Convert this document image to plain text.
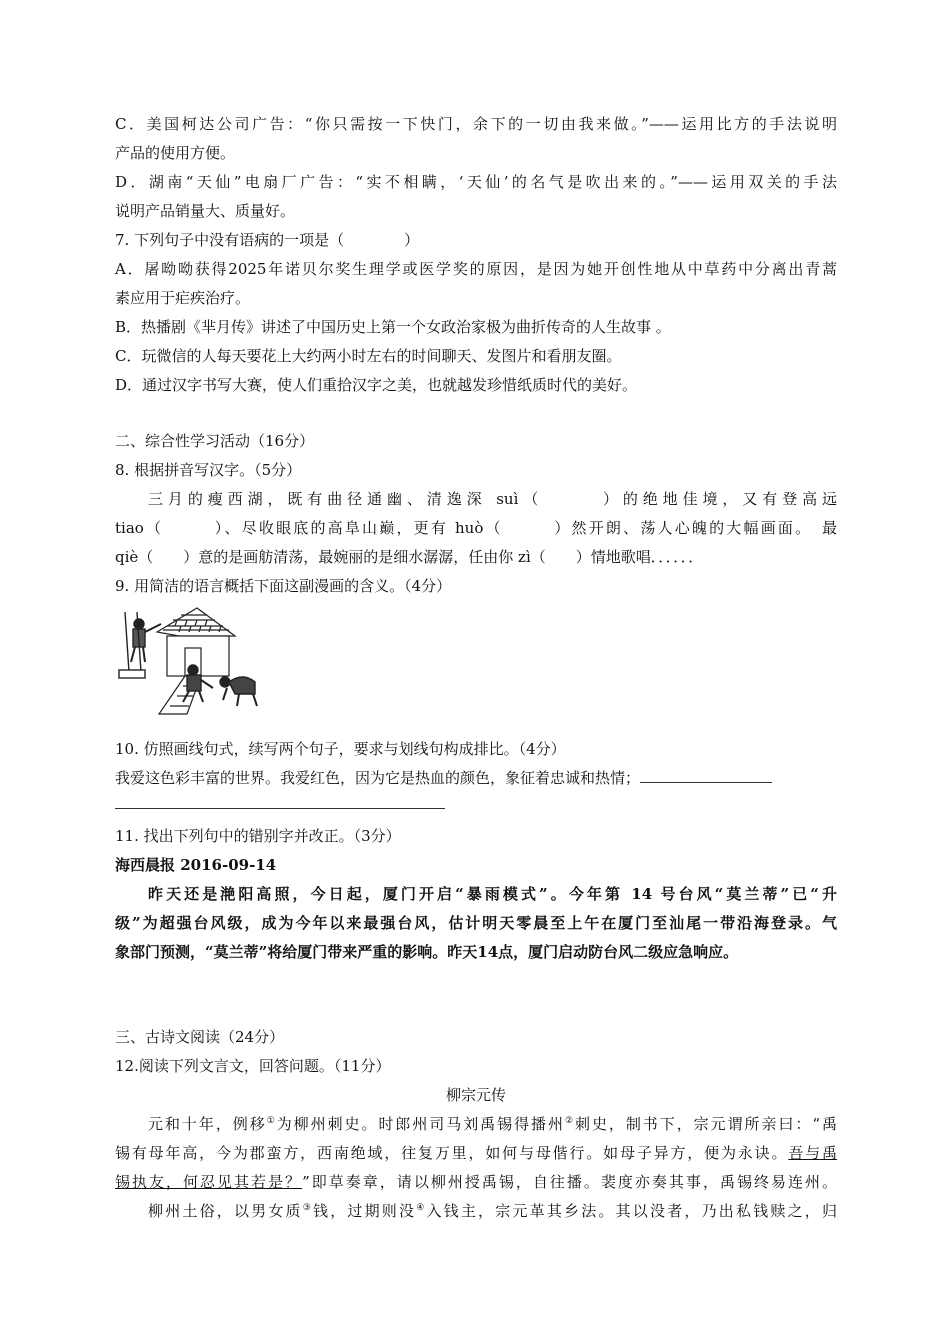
C．美国柯达公司广告：“你只需按一下快门，余下的一切由我来做。”——运用比方的手法说明
产品的使用方便。
D．湖南“天仙”电扇厂广告：“实不相瞒，‘天仙’的名气是吹出来的。”——运用双关的手法
说明产品销量大、质量好。
7. 下列句子中没有语病的一项是（　　　　）
A．屠呦呦获得2025年诺贝尔奖生理学或医学奖的原因，是因为她开创性地从中草药中分离出青蒿
素应用于疟疾治疗。
B．热播剧《芈月传》讲述了中国历史上第一个女政治家极为曲折传奇的人生故事 。
C．玩微信的人每天要花上大约两小时左右的时间聊天、发图片和看朋友圈。
D．通过汉字书写大赛，使人们重拾汉字之美，也就越发珍惜纸质时代的美好。
二、综合性学习活动（16分）
8. 根据拼音写汉字。（5分）
三月的瘦西湖，既有曲径通幽、清逸深 suì（　　　）的绝地佳境，又有登高远
tiao（　　　）、尽收眼底的高阜山巅，更有 huò（　　　）然开朗、荡人心魄的大幅画面。　最
qiè（　　）意的是画舫清荡，最婉丽的是细水潺潺，任由你 zì（　　）情地歌唱．．．．．．
9. 用简洁的语言概括下面这副漫画的含义。（4分）
10. 仿照画线句式，续写两个句子，要求与划线句构成排比。（4分）
我爱这色彩丰富的世界。我爱红色，因为它是热血的颜色，象征着忠诚和热情；
11. 找出下列句中的错别字并改正。（3分）
海西晨报 2016-09-14
昨天还是滟阳高照，今日起，厦门开启“暴雨模式”。今年第 14 号台风“莫兰蒂”已“升
级”为超强台风级，成为今年以来最强台风，估计明天零晨至上午在厦门至汕尾一带沿海登录。气
象部门预测，“莫兰蒂”将给厦门带来严重的影响。昨天14点，厦门启动防台风二级应急响应。
三、古诗文阅读（24分）
12.阅读下列文言文，回答问题。（11分）
柳宗元传
元和十年，例移①为柳州刺史。时郎州司马刘禹锡得播州②刺史，制书下，宗元谓所亲曰：“禹
锡有母年高，今为郡蛮方，西南绝域，往复万里，如何与母偕行。如母子异方，便为永诀。吾与禹
锡执友，何忍见其若是？”即草奏章，请以柳州授禹锡，自往播。裴度亦奏其事，禹锡终易连州。
柳州土俗，以男女质③钱，过期则没④入钱主，宗元革其乡法。其以没者，乃出私钱赎之，归
